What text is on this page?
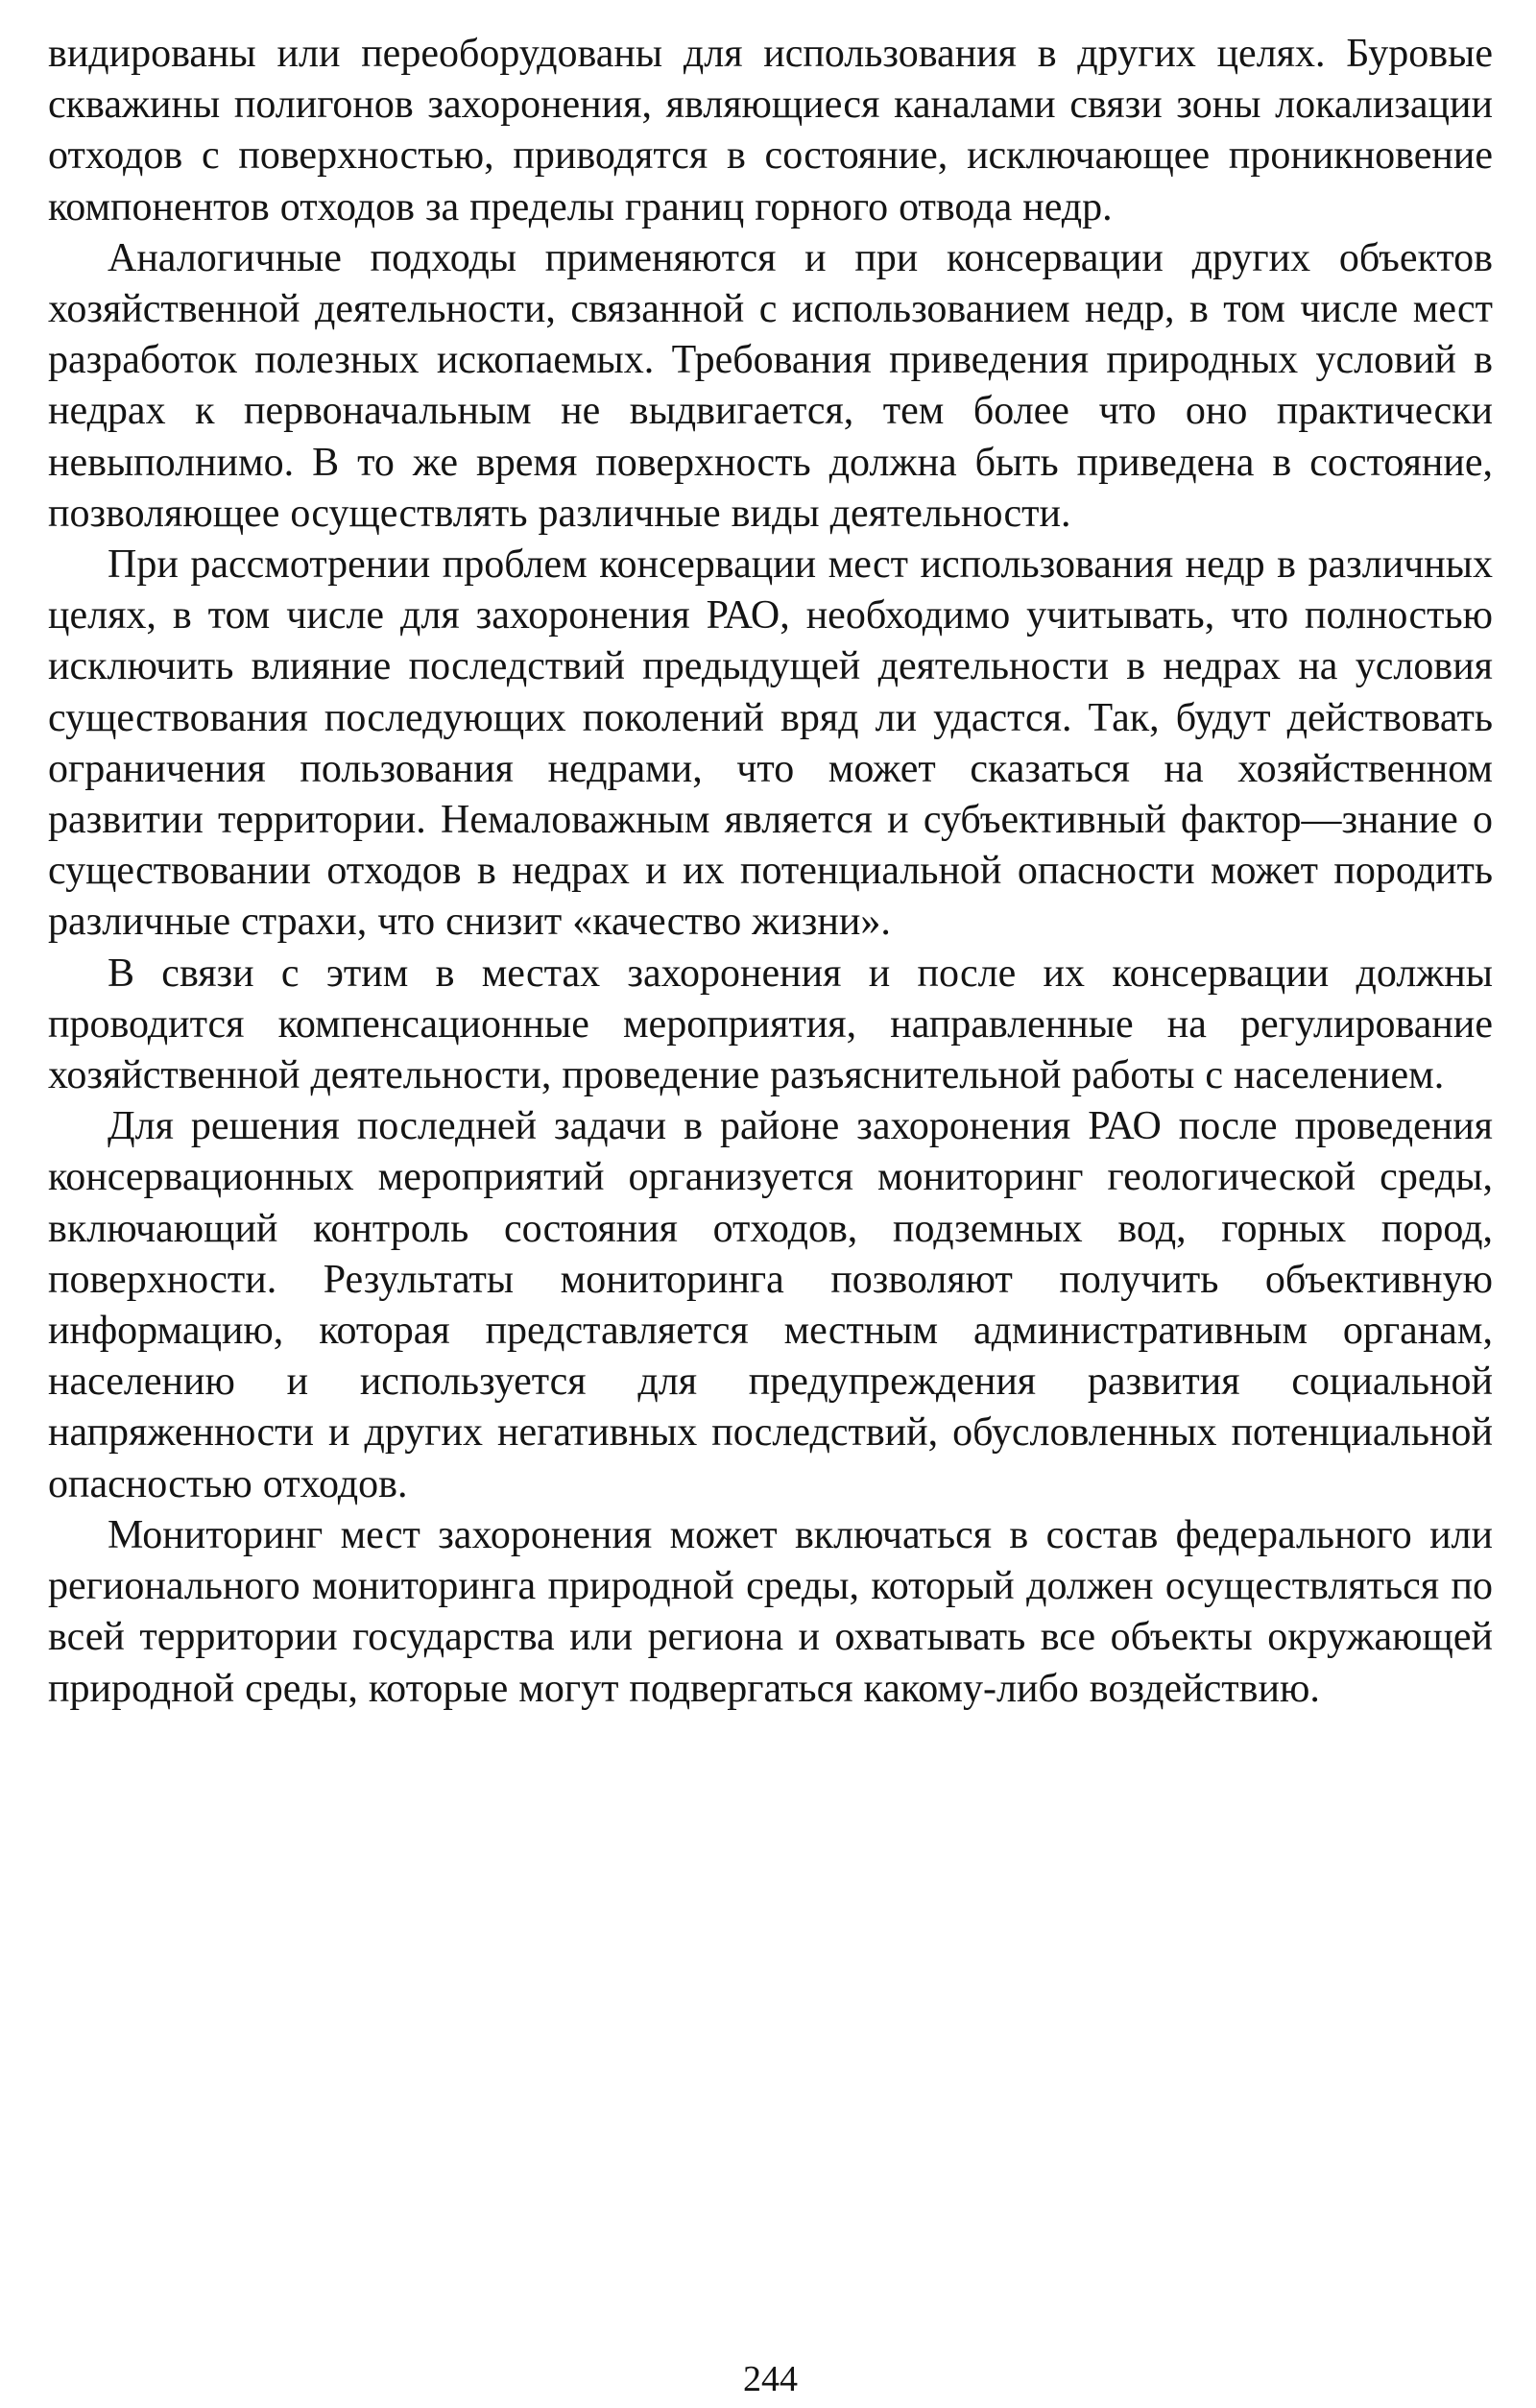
видированы или переоборудованы для использования в других целях. Буровые скважины полигонов захоронения, являющиеся каналами связи зоны локализации отходов с поверхностью, приводятся в состояние, исключающее проникновение компонентов отходов за пределы границ горного отвода недр.

Аналогичные подходы применяются и при консервации других объектов хозяйственной деятельности, связанной с использованием недр, в том числе мест разработок полезных ископаемых. Требования приведения природных условий в недрах к первоначальным не выдвигается, тем более что оно практически невыполнимо. В то же время поверхность должна быть приведена в состояние, позволяющее осуществлять различные виды деятельности.

При рассмотрении проблем консервации мест использования недр в различных целях, в том числе для захоронения РАО, необходимо учитывать, что полностью исключить влияние последствий предыдущей деятельности в недрах на условия существования последующих поколений вряд ли удастся. Так, будут действовать ограничения пользования недрами, что может сказаться на хозяйственном развитии территории. Немаловажным является и субъективный фактор—знание о существовании отходов в недрах и их потенциальной опасности может породить различные страхи, что снизит «качество жизни».

В связи с этим в местах захоронения и после их консервации должны проводится компенсационные мероприятия, направленные на регулирование хозяйственной деятельности, проведение разъяснительной работы с населением.

Для решения последней задачи в районе захоронения РАО после проведения консервационных мероприятий организуется мониторинг геологической среды, включающий контроль состояния отходов, подземных вод, горных пород, поверхности. Результаты мониторинга позволяют получить объективную информацию, которая представляется местным административным органам, населению и используется для предупреждения развития социальной напряженности и других негативных последствий, обусловленных потенциальной опасностью отходов.

Мониторинг мест захоронения может включаться в состав федерального или регионального мониторинга природной среды, который должен осуществляться по всей территории государства или региона и охватывать все объекты окружающей природной среды, которые могут подвергаться какому-либо воздействию.

244
